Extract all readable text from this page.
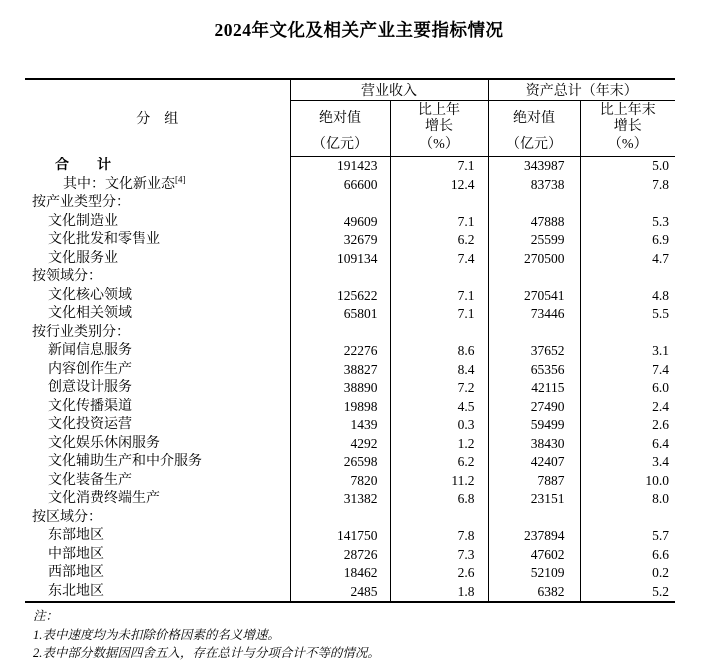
2024年文化及相关产业主要指标情况
分　组	营业收入		资产总计（年末）	

绝对值
（亿元）

比上年
增长
（%）

绝对值
（亿元）

比上年末
增长
（%）

合　　计	191423	7.1	343987	5.0
其中：文化新业态[4]	66600	12.4	83738	7.8
按产业类型分：				
文化制造业	49609	7.1	47888	5.3
文化批发和零售业	32679	6.2	25599	6.9
文化服务业	109134	7.4	270500	4.7
按领域分：				
文化核心领域	125622	7.1	270541	4.8
文化相关领域	65801	7.1	73446	5.5
按行业类别分：				
新闻信息服务	22276	8.6	37652	3.1
内容创作生产	38827	8.4	65356	7.4
创意设计服务	38890	7.2	42115	6.0
文化传播渠道	19898	4.5	27490	2.4
文化投资运营	1439	0.3	59499	2.6
文化娱乐休闲服务	4292	1.2	38430	6.4
文化辅助生产和中介服务	26598	6.2	42407	3.4
文化装备生产	7820	11.2	7887	10.0
文化消费终端生产	31382	6.8	23151	8.0
按区域分：				
东部地区	141750	7.8	237894	5.7
中部地区	28726	7.3	47602	6.6
西部地区	18462	2.6	52109	0.2
东北地区	2485	1.8	6382	5.2
注：
1.表中速度均为未扣除价格因素的名义增速。
2.表中部分数据因四舍五入，存在总计与分项合计不等的情况。
